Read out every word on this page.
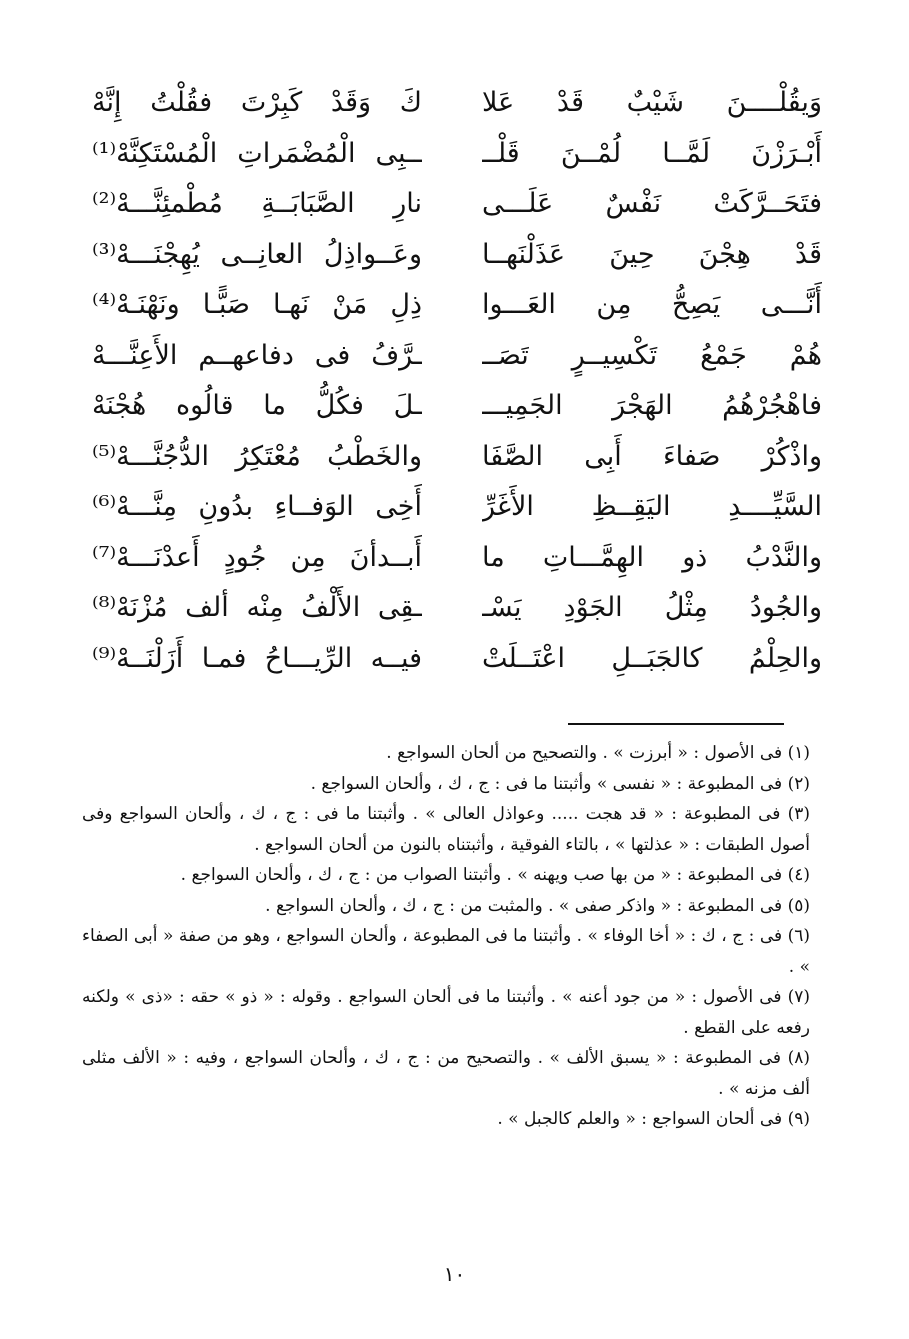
وَيقُلْــــنَ شَيْبٌ قَدْ عَلا
كَ وَقَدْ كَبِرْتَ فقُلْتُ إِنَّهْ
أَبْـرَزْنَ لَمَّــا لُمْــنَ قَلْــ
ــبِى الْمُضْمَراتِ الْمُسْتَكِنَّهْ⁽¹⁾
فتَحَــرَّكَتْ نَفْسٌ عَلَـــى
نارِ الصَّبَابَــةِ مُطْمئِنَّـــهْ⁽²⁾
قَدْ هِجْنَ حِينَ عَذَلْنَهــا
وعَــواذِلُ العانِــى يُهِجْنَـــهْ⁽³⁾
أَنَّـــى يَصِحُّ مِن العَـــوا
ذِلِ مَنْ نَهـا صَبًّـا ونَهْنَـهْ⁽⁴⁾
هُمْ جَمْعُ تَكْسِيــرٍ تَصَــ
ـرَّفُ فى دفاعهــم الأَعِنَّـــهْ
فاهْجُرْهُمُ الهَجْرَ الجَمِيـــ
ـلَ فكُلُّ ما قالُوه هُجْنَهْ
واذْكُرْ صَفاءَ أَبِى الصَّفَا
والخَطْبُ مُعْتَكِرُ الدُّجُنَّـــهْ⁽⁵⁾
السَّيِّــــدِ اليَقِــظِ الأَغَرِّ
أَخِى الوَفــاءِ بدُونِ مِنَّـــهْ⁽⁶⁾
والنَّدْبُ ذو الهِمَّـــاتِ ما
أَبــدأنَ مِن جُودٍ أَعدْنَـــهْ⁽⁷⁾
والجُودُ مِثْلُ الجَوْدِ يَسْـ
ـقِى الأَلْفُ مِنْه ألف مُزْنَهْ⁽⁸⁾
والحِلْمُ كالجَبَــلِ اعْتَــلَتْ
فيــه الرِّيـــاحُ فمـا أَزَلْنَــهْ⁽⁹⁾

(١) فى الأصول : « أبرزت » . والتصحيح من ألحان السواجع .

(٢) فى المطبوعة : « نفسى » وأثبتنا ما فى : ج ، ك ، وألحان السواجع .

(٣) فى المطبوعة : « قد هجت ..... وعواذل العالى » . وأثبتنا ما فى : ج ، ك ، وألحان السواجع وفى أصول الطبقات : « عذلتها » ، بالتاء الفوقية ، وأثبتناه بالنون من ألحان السواجع .

(٤) فى المطبوعة : « من بها صب ويهنه » . وأثبتنا الصواب من : ج ، ك ، وألحان السواجع .

(٥) فى المطبوعة : « واذكر صفى » . والمثبت من : ج ، ك ، وألحان السواجع .

(٦) فى : ج ، ك : « أخا الوفاء » . وأثبتنا ما فى المطبوعة ، وألحان السواجع ، وهو من صفة « أبى الصفاء » .

(٧) فى الأصول : « من جود أعنه » . وأثبتنا ما فى ألحان السواجع . وقوله : « ذو » حقه : «ذى » ولكنه رفعه على القطع .

(٨) فى المطبوعة : « يسبق الألف » . والتصحيح من : ج ، ك ، وألحان السواجع ، وفيه : « الألف مثلى ألف مزنه » .

(٩) فى ألحان السواجع : « والعلم كالجبل » .

١٠
